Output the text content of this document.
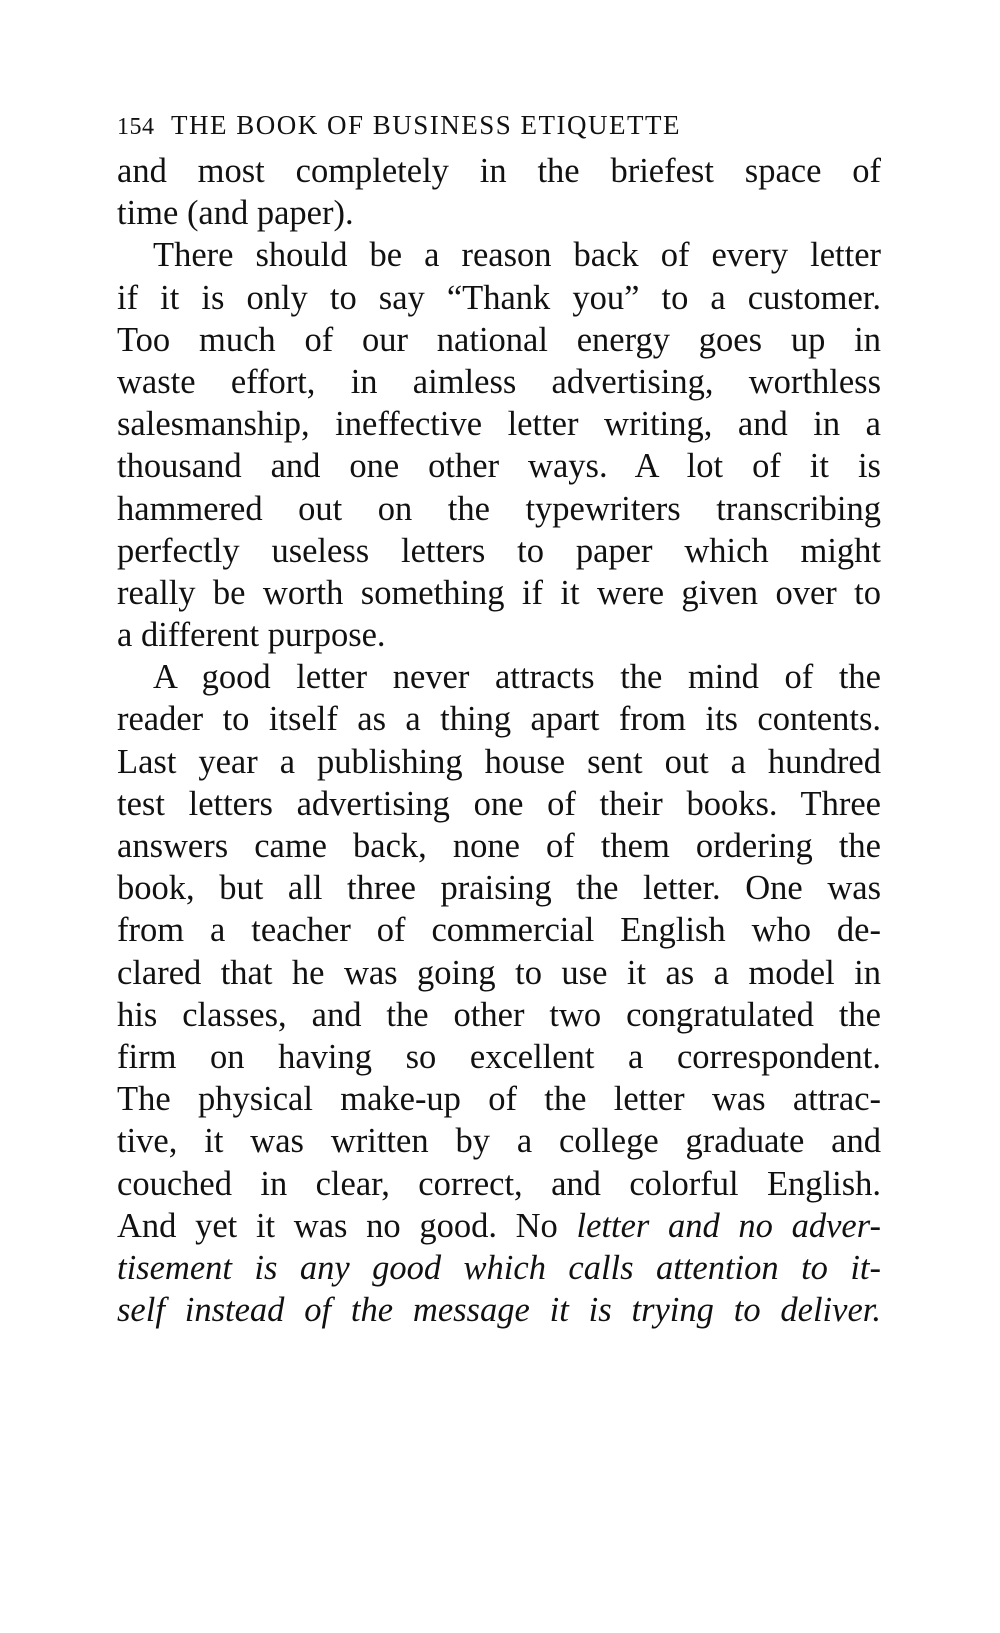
154 THE BOOK OF BUSINESS ETIQUETTE
and most completely in the briefest space of
time (and paper).
There should be a reason back of every letter
if it is only to say “Thank you” to a customer.
Too much of our national energy goes up in
waste effort, in aimless advertising, worthless
salesmanship, ineffective letter writing, and in a
thousand and one other ways. A lot of it is
hammered out on the typewriters transcribing
perfectly useless letters to paper which might
really be worth something if it were given over to
a different purpose.
A good letter never attracts the mind of the
reader to itself as a thing apart from its contents.
Last year a publishing house sent out a hundred
test letters advertising one of their books. Three
answers came back, none of them ordering the
book, but all three praising the letter. One was
from a teacher of commercial English who de-
clared that he was going to use it as a model in
his classes, and the other two congratulated the
firm on having so excellent a correspondent.
The physical make-up of the letter was attrac-
tive, it was written by a college graduate and
couched in clear, correct, and colorful English.
And yet it was no good. No letter and no adver-
tisement is any good which calls attention to it-
self instead of the message it is trying to deliver.
